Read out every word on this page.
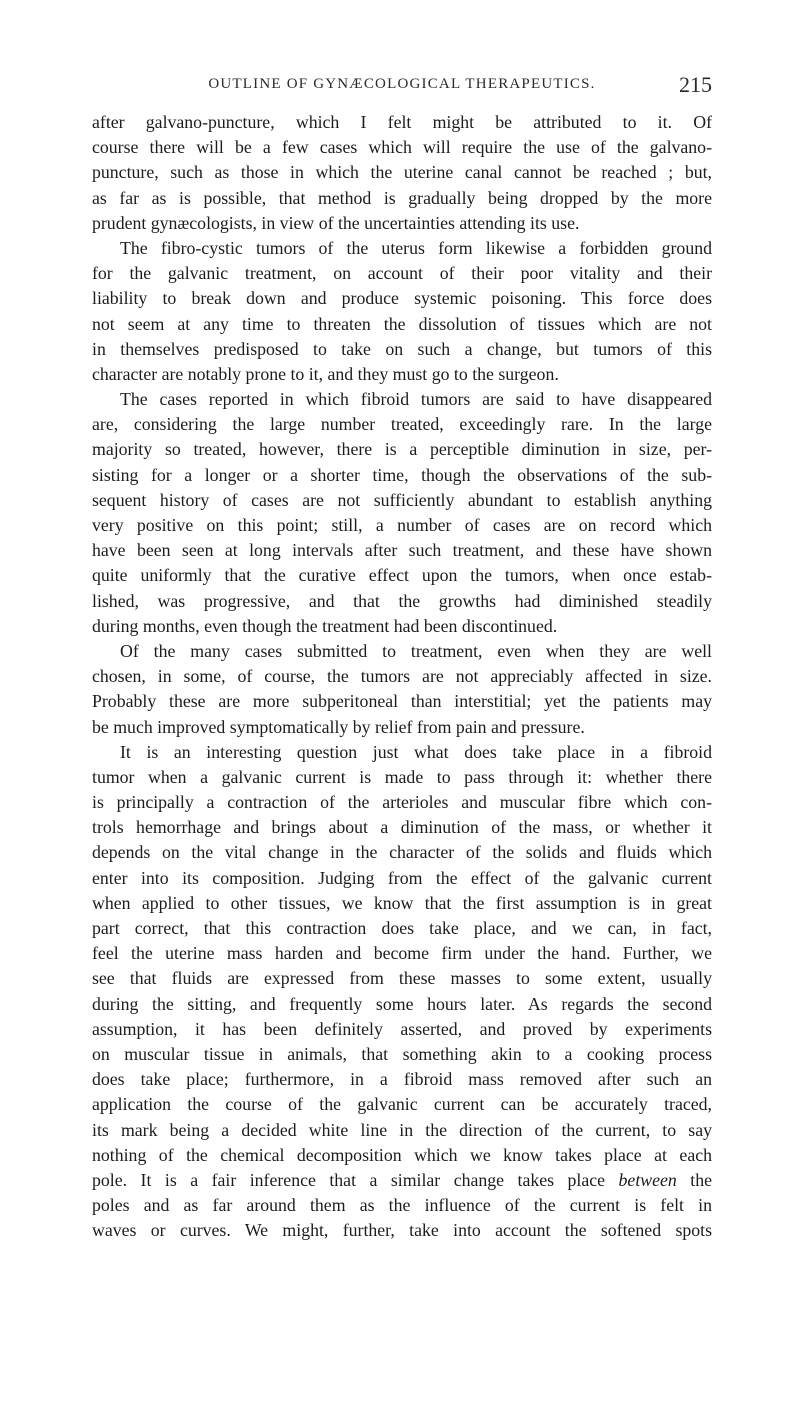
OUTLINE OF GYNÆCOLOGICAL THERAPEUTICS.	215
after galvano-puncture, which I felt might be attributed to it. Of
course there will be a few cases which will require the use of the galvano-
puncture, such as those in which the uterine canal cannot be reached ; but,
as far as is possible, that method is gradually being dropped by the more
prudent gynæcologists, in view of the uncertainties attending its use.
The fibro-cystic tumors of the uterus form likewise a forbidden ground
for the galvanic treatment, on account of their poor vitality and their
liability to break down and produce systemic poisoning. This force does
not seem at any time to threaten the dissolution of tissues which are not
in themselves predisposed to take on such a change, but tumors of this
character are notably prone to it, and they must go to the surgeon.
The cases reported in which fibroid tumors are said to have disappeared
are, considering the large number treated, exceedingly rare. In the large
majority so treated, however, there is a perceptible diminution in size, per-
sisting for a longer or a shorter time, though the observations of the sub-
sequent history of cases are not sufficiently abundant to establish anything
very positive on this point; still, a number of cases are on record which
have been seen at long intervals after such treatment, and these have shown
quite uniformly that the curative effect upon the tumors, when once estab-
lished, was progressive, and that the growths had diminished steadily
during months, even though the treatment had been discontinued.
Of the many cases submitted to treatment, even when they are well
chosen, in some, of course, the tumors are not appreciably affected in size.
Probably these are more subperitoneal than interstitial; yet the patients may
be much improved symptomatically by relief from pain and pressure.
It is an interesting question just what does take place in a fibroid
tumor when a galvanic current is made to pass through it: whether there
is principally a contraction of the arterioles and muscular fibre which con-
trols hemorrhage and brings about a diminution of the mass, or whether it
depends on the vital change in the character of the solids and fluids which
enter into its composition. Judging from the effect of the galvanic current
when applied to other tissues, we know that the first assumption is in great
part correct, that this contraction does take place, and we can, in fact,
feel the uterine mass harden and become firm under the hand. Further, we
see that fluids are expressed from these masses to some extent, usually
during the sitting, and frequently some hours later. As regards the second
assumption, it has been definitely asserted, and proved by experiments
on muscular tissue in animals, that something akin to a cooking process
does take place; furthermore, in a fibroid mass removed after such an
application the course of the galvanic current can be accurately traced,
its mark being a decided white line in the direction of the current, to say
nothing of the chemical decomposition which we know takes place at each
pole. It is a fair inference that a similar change takes place between the
poles and as far around them as the influence of the current is felt in
waves or curves. We might, further, take into account the softened spots
